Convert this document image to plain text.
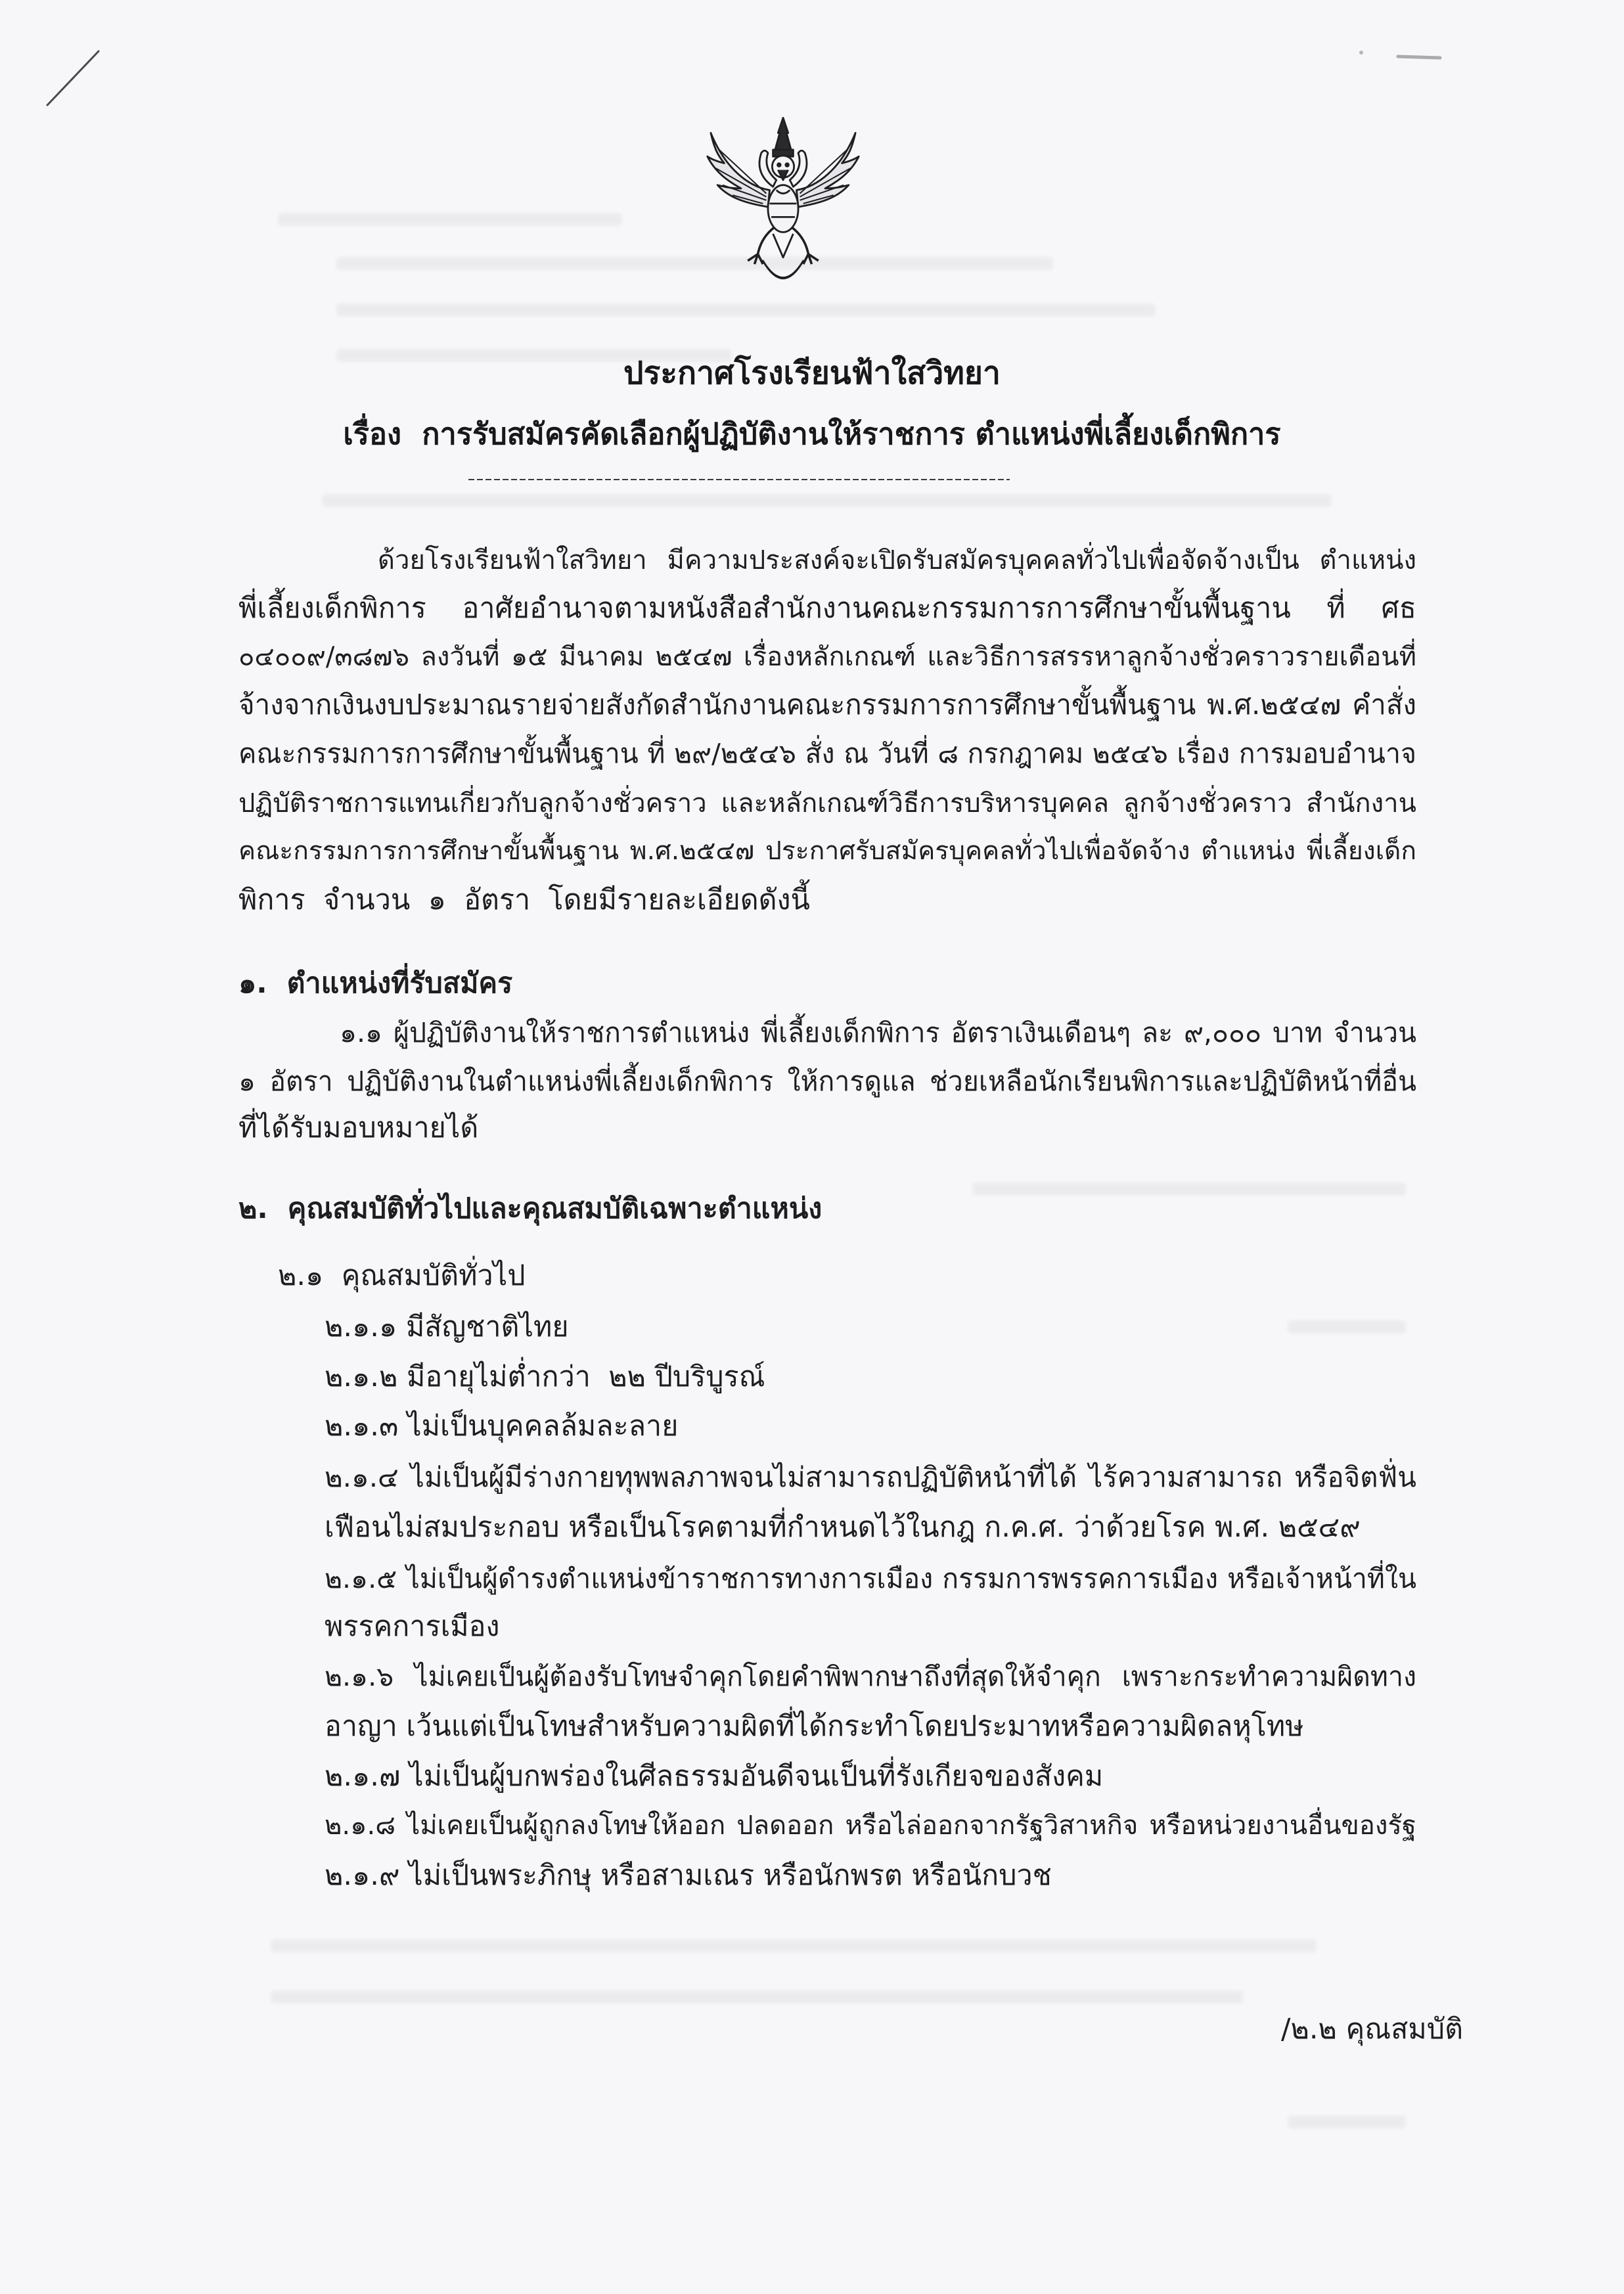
ประกาศโรงเรียนฟ้าใสวิทยา
เรื่อง  การรับสมัครคัดเลือกผู้ปฏิบัติงานให้ราชการ ตำแหน่งพี่เลี้ยงเด็กพิการ
ด้วยโรงเรียนฟ้าใสวิทยา มีความประสงค์จะเปิดรับสมัครบุคคลทั่วไปเพื่อจัดจ้างเป็น ตำแหน่ง
พี่เลี้ยงเด็กพิการ อาศัยอำนาจตามหนังสือสำนักงานคณะกรรมการการศึกษาขั้นพื้นฐาน ที่ ศธ
๐๔๐๐๙/๓๘๗๖ ลงวันที่ ๑๕ มีนาคม ๒๕๔๗ เรื่องหลักเกณฑ์ และวิธีการสรรหาลูกจ้างชั่วคราวรายเดือนที่
จ้างจากเงินงบประมาณรายจ่ายสังกัดสำนักงานคณะกรรมการการศึกษาขั้นพื้นฐาน พ.ศ.๒๕๔๗ คำสั่ง
คณะกรรมการการศึกษาขั้นพื้นฐาน ที่ ๒๙/๒๕๔๖ สั่ง ณ วันที่ ๘ กรกฎาคม ๒๕๔๖ เรื่อง การมอบอำนาจ
ปฏิบัติราชการแทนเกี่ยวกับลูกจ้างชั่วคราว และหลักเกณฑ์วิธีการบริหารบุคคล ลูกจ้างชั่วคราว สำนักงาน
คณะกรรมการการศึกษาขั้นพื้นฐาน พ.ศ.๒๕๔๗ ประกาศรับสมัครบุคคลทั่วไปเพื่อจัดจ้าง ตำแหน่ง พี่เลี้ยงเด็ก
พิการ  จำนวน  ๑  อัตรา  โดยมีรายละเอียดดังนี้
๑.  ตำแหน่งที่รับสมัคร
๑.๑ ผู้ปฏิบัติงานให้ราชการตำแหน่ง พี่เลี้ยงเด็กพิการ อัตราเงินเดือนๆ ละ ๙,๐๐๐ บาท จำนวน
๑ อัตรา ปฏิบัติงานในตำแหน่งพี่เลี้ยงเด็กพิการ ให้การดูแล ช่วยเหลือนักเรียนพิการและปฏิบัติหน้าที่อื่น
ที่ได้รับมอบหมายได้
๒.  คุณสมบัติทั่วไปและคุณสมบัติเฉพาะตำแหน่ง
๒.๑  คุณสมบัติทั่วไป
๒.๑.๑ มีสัญชาติไทย
๒.๑.๒ มีอายุไม่ต่ำกว่า  ๒๒ ปีบริบูรณ์
๒.๑.๓ ไม่เป็นบุคคลล้มละลาย
๒.๑.๔ ไม่เป็นผู้มีร่างกายทุพพลภาพจนไม่สามารถปฏิบัติหน้าที่ได้ ไร้ความสามารถ หรือจิตฟั่น
เฟือนไม่สมประกอบ หรือเป็นโรคตามที่กำหนดไว้ในกฎ ก.ค.ศ. ว่าด้วยโรค พ.ศ. ๒๕๔๙
๒.๑.๕ ไม่เป็นผู้ดำรงตำแหน่งข้าราชการทางการเมือง กรรมการพรรคการเมือง หรือเจ้าหน้าที่ใน
พรรคการเมือง
๒.๑.๖ ไม่เคยเป็นผู้ต้องรับโทษจำคุกโดยคำพิพากษาถึงที่สุดให้จำคุก เพราะกระทำความผิดทาง
อาญา เว้นแต่เป็นโทษสำหรับความผิดที่ได้กระทำโดยประมาทหรือความผิดลหุโทษ
๒.๑.๗ ไม่เป็นผู้บกพร่องในศีลธรรมอันดีจนเป็นที่รังเกียจของสังคม
๒.๑.๘ ไม่เคยเป็นผู้ถูกลงโทษให้ออก ปลดออก หรือไล่ออกจากรัฐวิสาหกิจ หรือหน่วยงานอื่นของรัฐ
๒.๑.๙ ไม่เป็นพระภิกษุ หรือสามเณร หรือนักพรต หรือนักบวช
/๒.๒ คุณสมบัติ
